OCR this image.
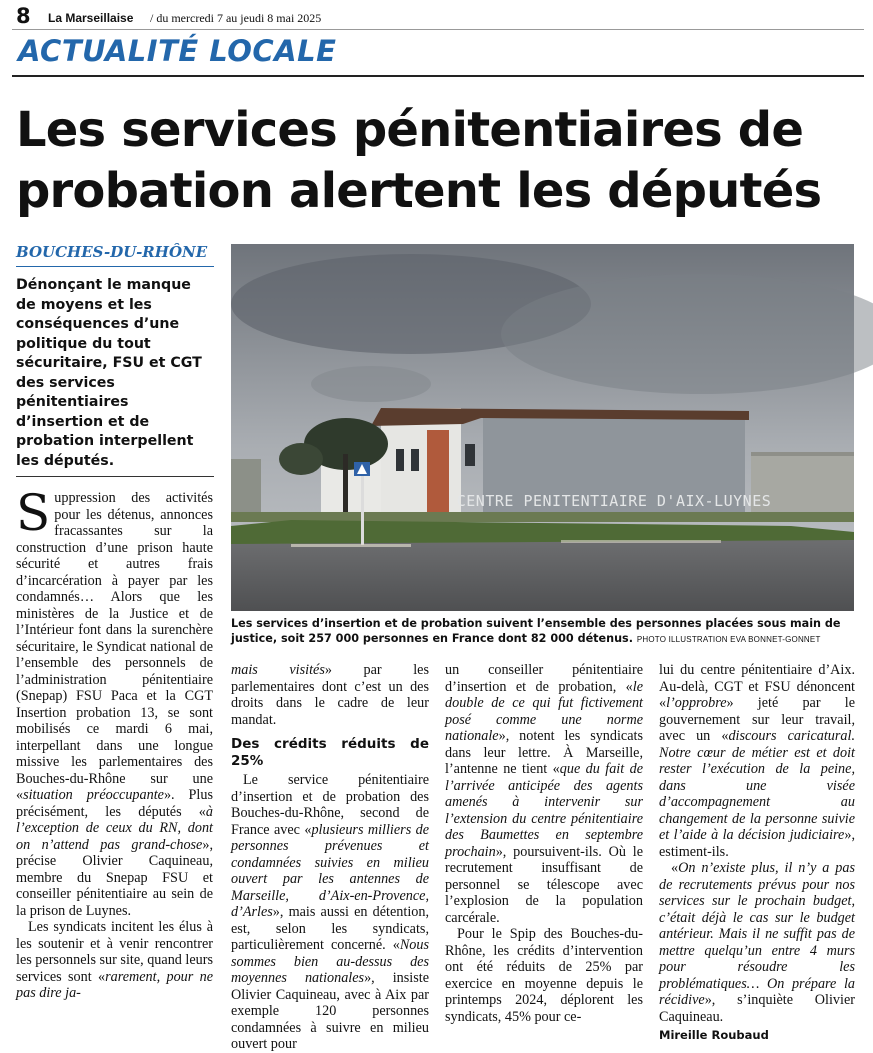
8 La Marseillaise / du mercredi 7 au jeudi 8 mai 2025
ACTUALITÉ LOCALE
Les services pénitentiaires de
probation alertent les députés
BOUCHES-DU-RHÔNE
Dénonçant le manque de moyens et les conséquences d’une politique du tout sécuritaire, FSU et CGT des services pénitentiaires d’insertion et de probation interpellent les députés.
CENTRE PENITENTIAIRE D'AIX-LUYNES
Les services d’insertion et de probation suivent l’ensemble des personnes placées sous main de justice, soit 257 000 personnes en France dont 82 000 détenus. PHOTO ILLUSTRATION EVA BONNET-GONNET

Suppression des activités pour les détenus, annonces fracassantes sur la construction d’une prison haute sécurité et autres frais d’incarcération à payer par les condamnés… Alors que les ministères de la Justice et de l’Intérieur font dans la surenchère sécuritaire, le Syndicat national de l’ensemble des personnels de l’administration pénitentiaire (Snepap) FSU Paca et la CGT Insertion probation 13, se sont mobilisés ce mardi 6 mai, interpellant dans une longue missive les parlementaires des Bouches-du-Rhône sur une «situation préoccupante». Plus précisément, les députés «à l’exception de ceux du RN, dont on n’attend pas grand-chose», précise Olivier Caquineau, membre du Snepap FSU et conseiller pénitentiaire au sein de la prison de Luynes.

Les syndicats incitent les élus à les soutenir et à venir rencontrer les personnels sur site, quand leurs services sont «rarement, pour ne pas dire ja-

mais visités» par les parlementaires dont c’est un des droits dans le cadre de leur mandat.

Des crédits réduits de 25%

Le service pénitentiaire d’insertion et de probation des Bouches-du-Rhône, second de France avec «plusieurs milliers de personnes prévenues et condamnées suivies en milieu ouvert par les antennes de Marseille, d’Aix-en-Provence, d’Arles», mais aussi en détention, est, selon les syndicats, particulièrement concerné. «Nous sommes bien au-dessus des moyennes nationales», insiste Olivier Caquineau, avec à Aix par exemple 120 personnes condamnées à suivre en milieu ouvert pour

un conseiller pénitentiaire d’insertion et de probation, «le double de ce qui fut fictivement posé comme une norme nationale», notent les syndicats dans leur lettre. À Marseille, l’antenne ne tient «que du fait de l’arrivée anticipée des agents amenés à intervenir sur l’extension du centre pénitentiaire des Baumettes en septembre prochain», poursuivent-ils. Où le recrutement insuffisant de personnel se télescope avec l’explosion de la population carcérale.

Pour le Spip des Bouches-du-Rhône, les crédits d’intervention ont été réduits de 25% par exercice en moyenne depuis le printemps 2024, déplorent les syndicats, 45% pour ce-

lui du centre pénitentiaire d’Aix. Au-delà, CGT et FSU dénoncent «l’opprobre» jeté par le gouvernement sur leur travail, avec un «discours caricatural. Notre cœur de métier est et doit rester l’exécution de la peine, dans une visée d’accompagnement au changement de la personne suivie et l’aide à la décision judiciaire», estiment-ils.

«On n’existe plus, il n’y a pas de recrutements prévus pour nos services sur le prochain budget, c’était déjà le cas sur le budget antérieur. Mais il ne suffit pas de mettre quelqu’un entre 4 murs pour résoudre les problématiques… On prépare la récidive», s’inquiète Olivier Caquineau.

Mireille Roubaud
